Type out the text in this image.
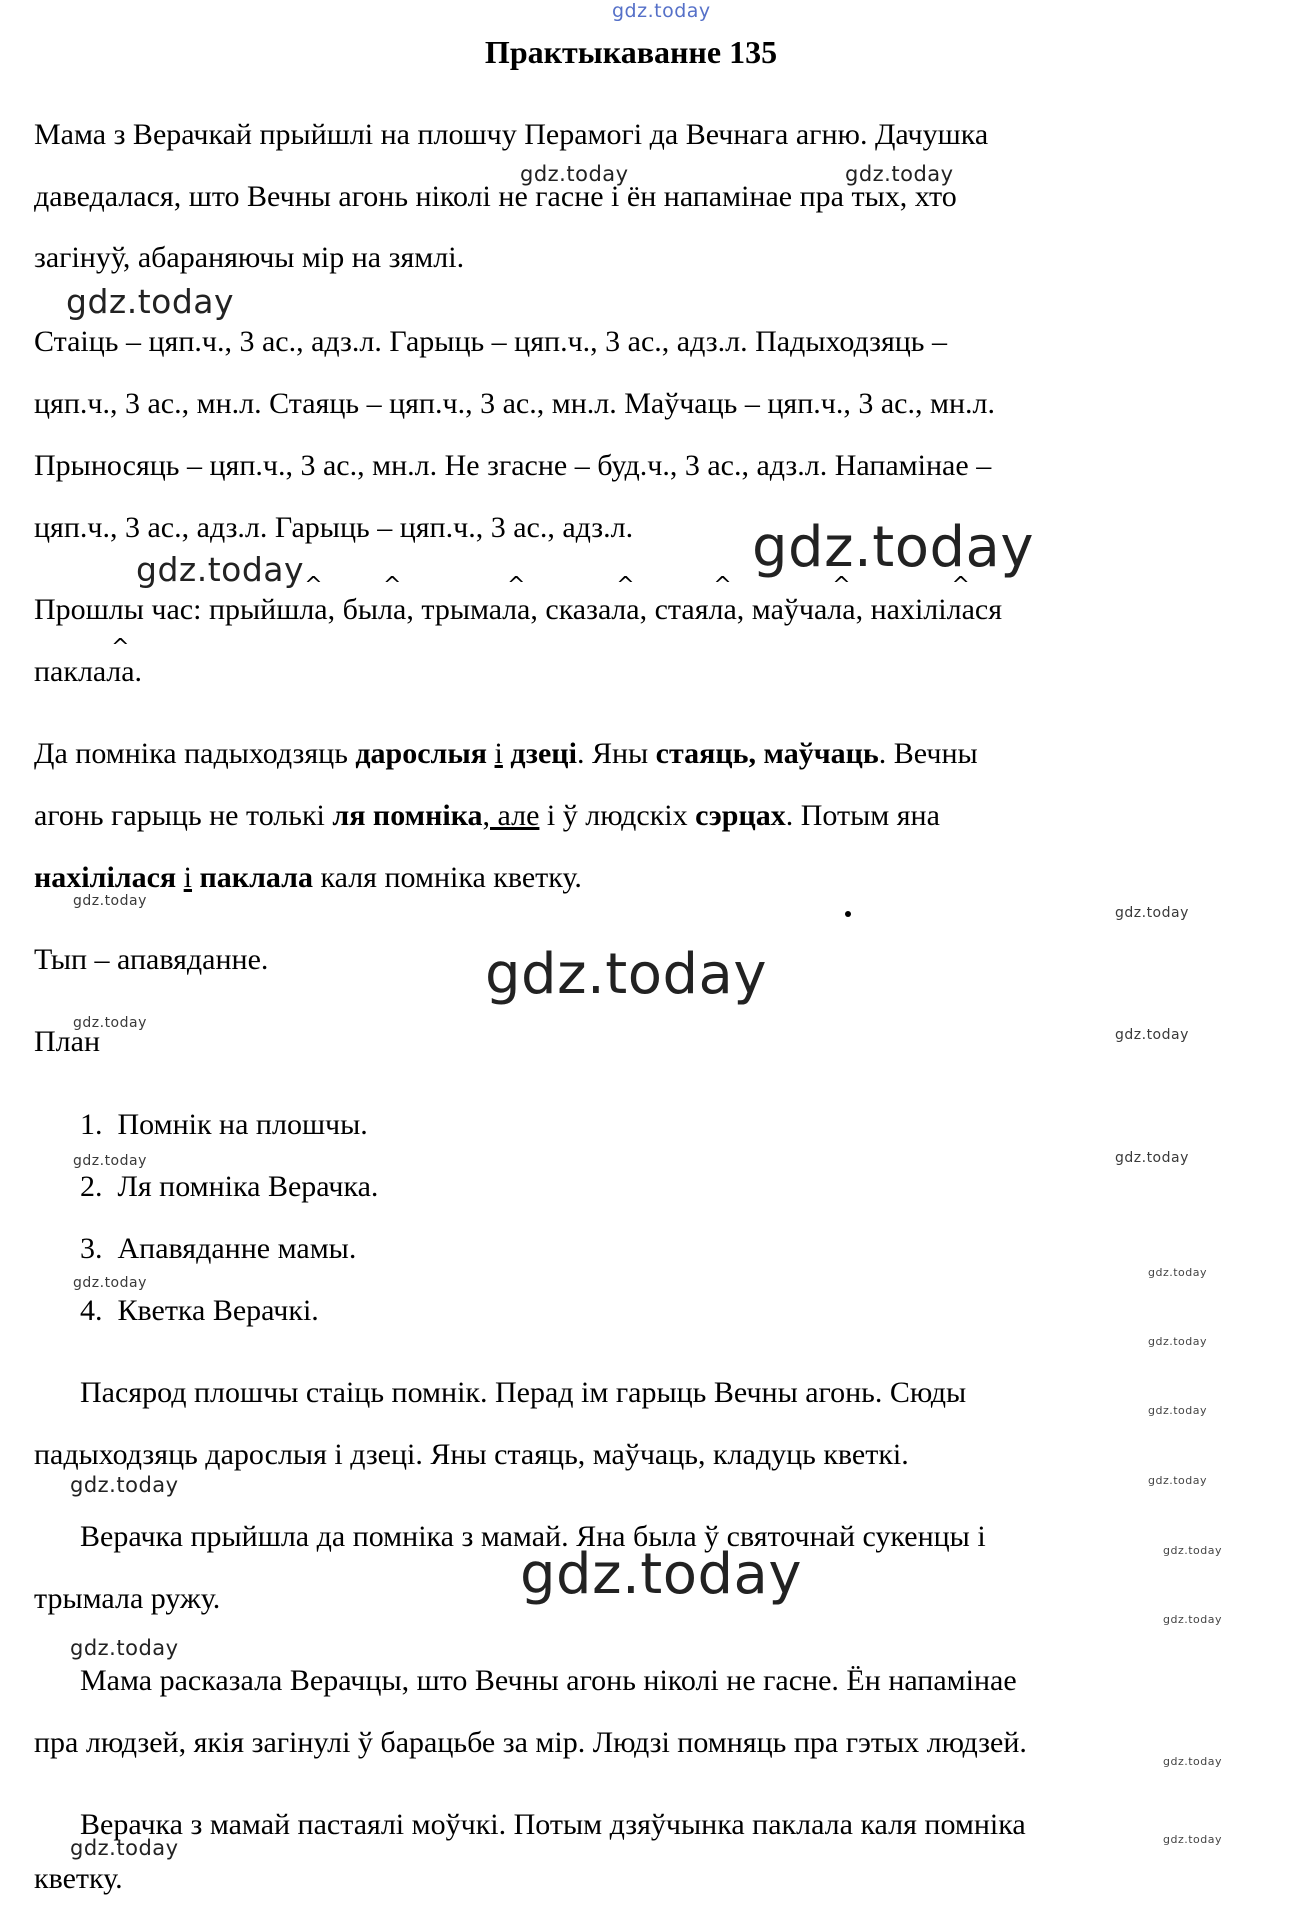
gdz.today
gdz.today	gdz.today
gdz.today
gdz.today	gdz.today
gdz.today
gdz.today
gdz.today
gdz.today
gdz.today
gdz.today	gdz.today
gdz.today
gdz.today
gdz.today
gdz.today
gdz.today	gdz.today
gdz.today
gdz.today
gdz.today
gdz.today
gdz.today
gdz.today	gdz.today
Практыкаванне 135
Мама з Верачкай прыйшлі на плошчу Перамогі да Вечнага агню. Дачушка
даведалася, што Вечны агонь ніколі не гасне і ён напамінае пра тых, хто
загінуў, абараняючы мір на зямлі.
Стаіць – цяп.ч., 3 ас., адз.л. Гарыць – цяп.ч., 3 ас., адз.л. Падыходзяць –
цяп.ч., 3 ас., мн.л. Стаяць – цяп.ч., 3 ас., мн.л. Маўчаць – цяп.ч., 3 ас., мн.л.
Прыносяць – цяп.ч., 3 ас., мн.л. Не згасне – буд.ч., 3 ас., адз.л. Напамінае –
цяп.ч., 3 ас., адз.л. Гарыць – цяп.ч., 3 ас., адз.л.
Прошлы час: прыйш
^
ла, бы
^
ла, трыма
^
ла, сказа
^
ла, стая
^
ла, маўча
^
ла, нахілі
^
лася
пакла
^
ла.
Да помніка падыходзяць дарослыя і дзеці. Яны стаяць, маўчаць. Вечны
агонь гарыць не толькі ля помніка, але і ў людскіх сэрцах. Потым яна
нахілілася і паклала каля помніка кветку.
Тып – апавяданне.
План
1. Помнік на плошчы.
2. Ля помніка Верачка.
3. Апавяданне мамы.
4. Кветка Верачкі.
Пасярод плошчы стаіць помнік. Перад ім гарыць Вечны агонь. Сюды
падыходзяць дарослыя і дзеці. Яны стаяць, маўчаць, кладуць кветкі.
Верачка прыйшла да помніка з мамай. Яна была ў святочнай сукенцы і
трымала ружу.
Мама расказала Верачцы, што Вечны агонь ніколі не гасне. Ён напамінае
пра людзей, якія загінулі ў барацьбе за мір. Людзі помняць пра гэтых людзей.
Верачка з мамай пастаялі моўчкі. Потым дзяўчынка паклала каля помніка
кветку.
